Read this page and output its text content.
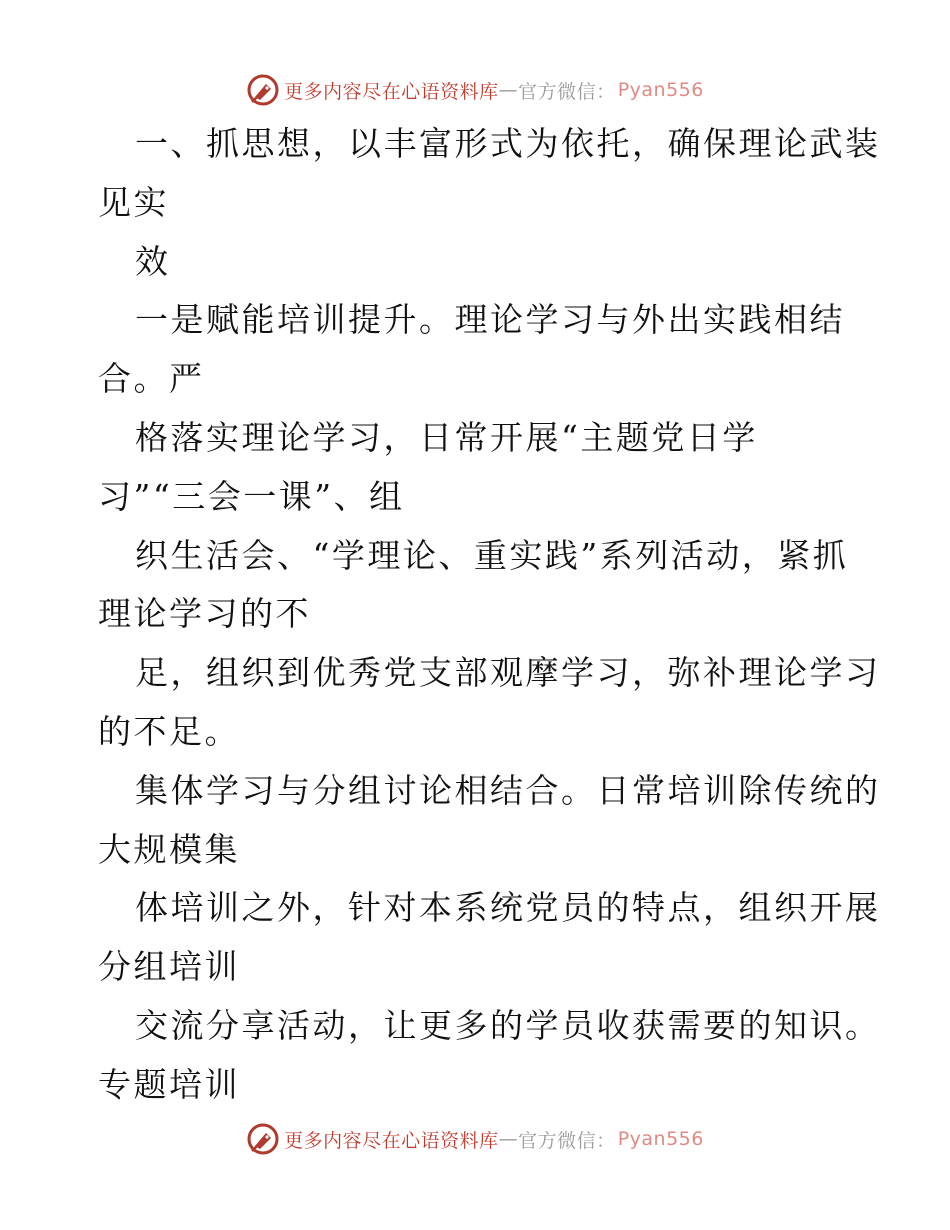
更多内容尽在心语资料库 — 官方微信： Pyan556
一、抓思想，以丰富形式为依托，确保理论武装
见实
效
一是赋能培训提升。理论学习与外出实践相结
合。严
格落实理论学习，日常开展“主题党日学
习”“三会一课”、组
织生活会、“学理论、重实践”系列活动，紧抓
理论学习的不
足，组织到优秀党支部观摩学习，弥补理论学习
的不足。
集体学习与分组讨论相结合。日常培训除传统的
大规模集
体培训之外，针对本系统党员的特点，组织开展
分组培训
交流分享活动，让更多的学员收获需要的知识。
专题培训
更多内容尽在心语资料库 — 官方微信： Pyan556
